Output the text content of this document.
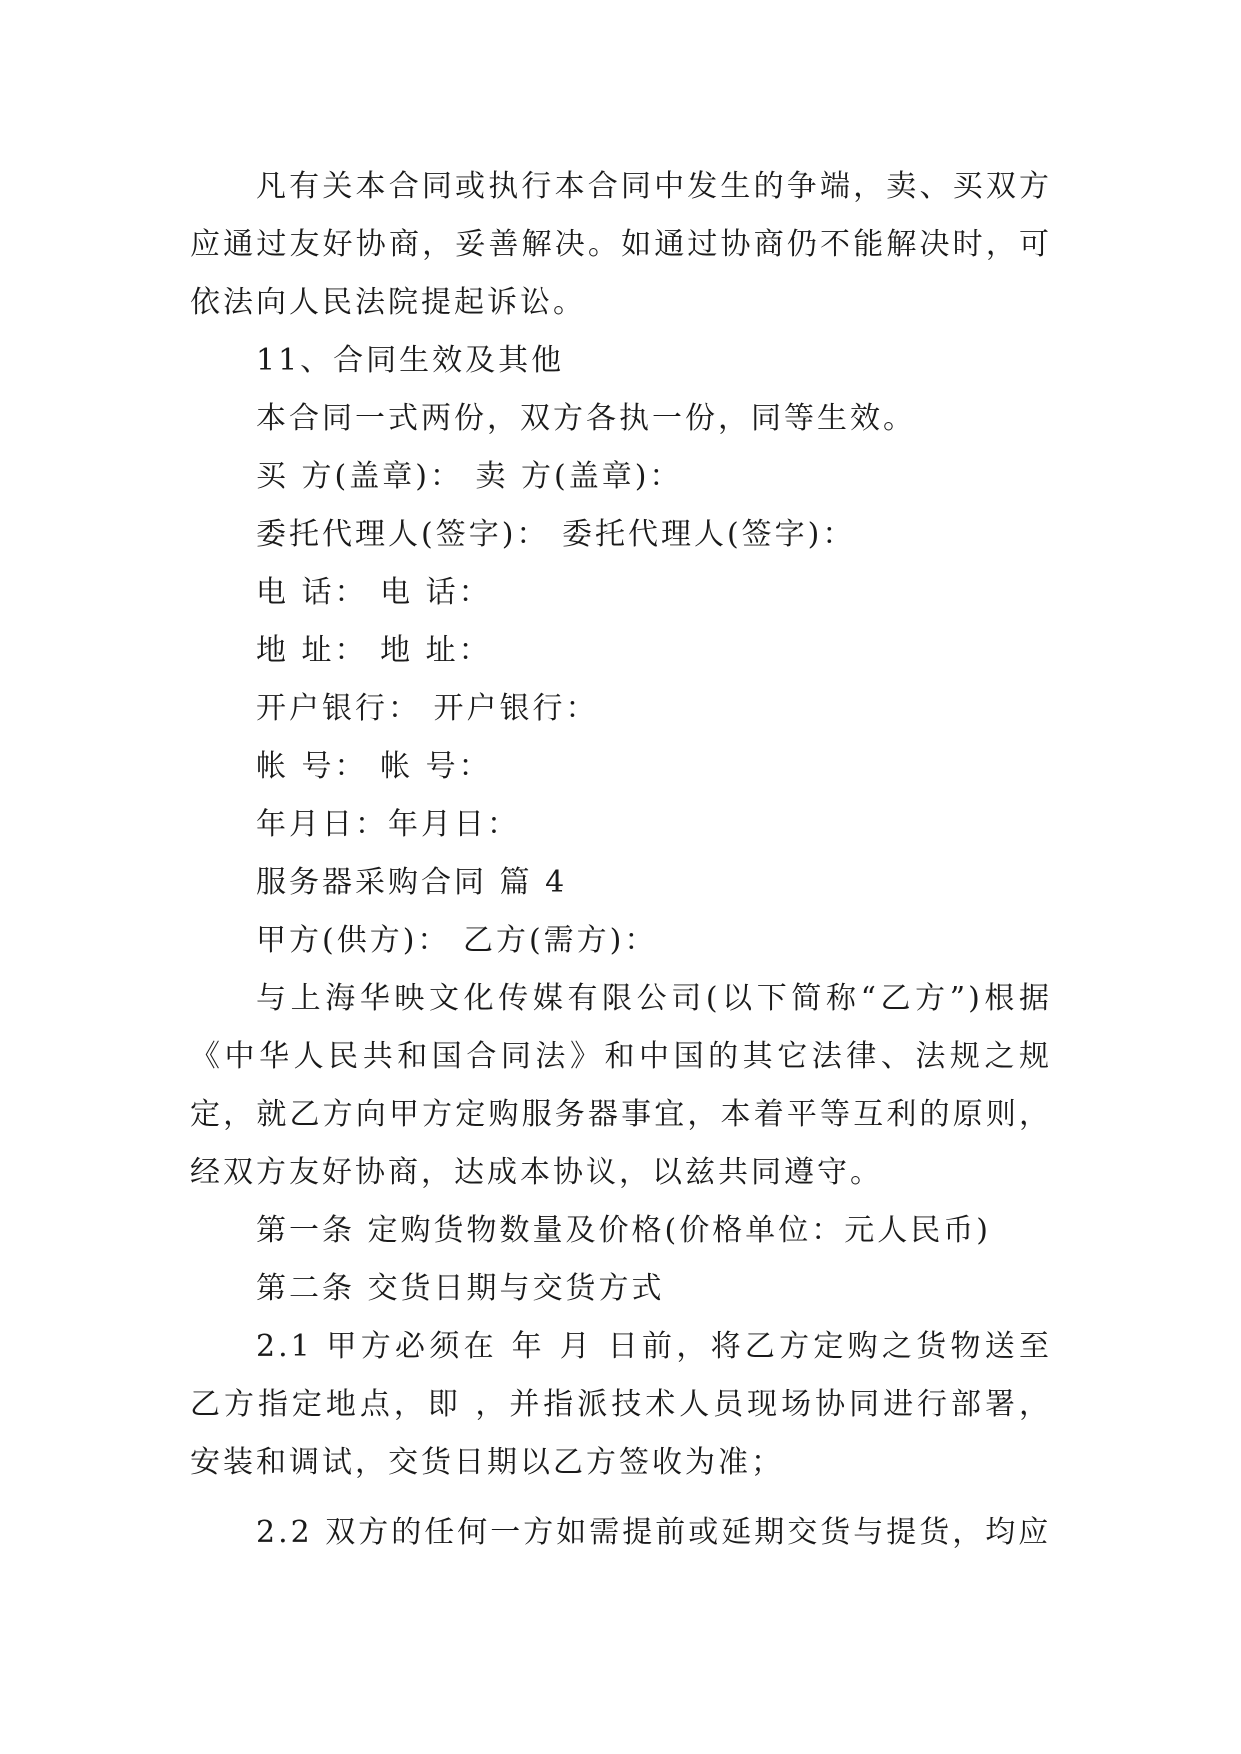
凡有关本合同或执行本合同中发生的争端，卖、买双方应通过友好协商，妥善解决。如通过协商仍不能解决时，可依法向人民法院提起诉讼。

11、合同生效及其他

本合同一式两份，双方各执一份，同等生效。

买 方(盖章)： 卖 方(盖章)：

委托代理人(签字)： 委托代理人(签字)：

电 话： 电 话：

地 址： 地 址：

开户银行： 开户银行：

帐 号： 帐 号：

年月日：年月日：

服务器采购合同 篇 4

甲方(供方)： 乙方(需方)：

与上海华映文化传媒有限公司(以下简称“乙方”)根据《中华人民共和国合同法》和中国的其它法律、法规之规定，就乙方向甲方定购服务器事宜，本着平等互利的原则，经双方友好协商，达成本协议，以兹共同遵守。

第一条 定购货物数量及价格(价格单位：元人民币)

第二条 交货日期与交货方式

2.1 甲方必须在 年 月 日前，将乙方定购之货物送至乙方指定地点，即 ，并指派技术人员现场协同进行部署，安装和调试，交货日期以乙方签收为准；

2.2 双方的任何一方如需提前或延期交货与提货，均应
